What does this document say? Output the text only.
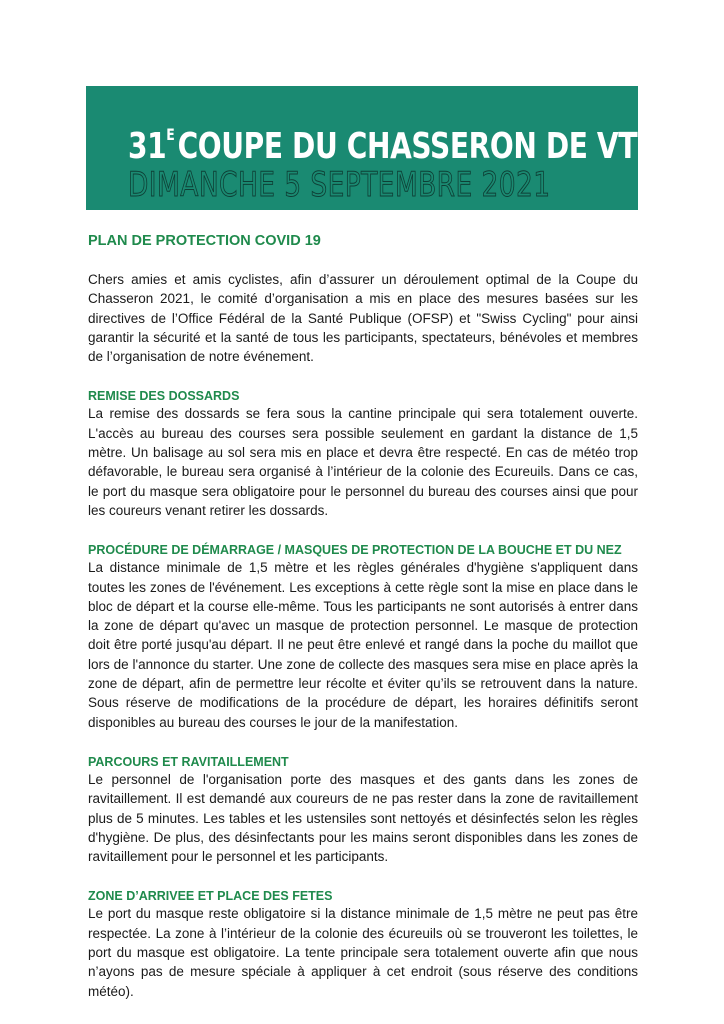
$31^ECOUPE$ DU CHASSERON DE VTT
DIMANCHE 5 SEPTEMBRE 2021
PLAN DE PROTECTION COVID 19

Chers amies et amis cyclistes, afin d’assurer un déroulement optimal de la Coupe du Chasseron 2021, le comité d’organisation a mis en place des mesures basées sur les directives de l’Office Fédéral de la Santé Publique (OFSP) et "Swiss Cycling" pour ainsi garantir la sécurité et la santé de tous les participants, spectateurs, bénévoles et membres de l’organisation de notre événement.

REMISE DES DOSSARDS

La remise des dossards se fera sous la cantine principale qui sera totalement ouverte. L'accès au bureau des courses sera possible seulement en gardant la distance de 1,5 mètre. Un balisage au sol sera mis en place et devra être respecté. En cas de météo trop défavorable, le bureau sera organisé à l’intérieur de la colonie des Ecureuils. Dans ce cas, le port du masque sera obligatoire pour le personnel du bureau des courses ainsi que pour les coureurs venant retirer les dossards.

PROCÉDURE DE DÉMARRAGE / MASQUES DE PROTECTION DE LA BOUCHE ET DU NEZ

La distance minimale de 1,5 mètre et les règles générales d'hygiène s'appliquent dans toutes les zones de l'événement. Les exceptions à cette règle sont la mise en place dans le bloc de départ et la course elle-même. Tous les participants ne sont autorisés à entrer dans la zone de départ qu'avec un masque de protection personnel. Le masque de protection doit être porté jusqu'au départ. Il ne peut être enlevé et rangé dans la poche du maillot que lors de l'annonce du starter. Une zone de collecte des masques sera mise en place après la zone de départ, afin de permettre leur récolte et éviter qu’ils se retrouvent dans la nature. Sous réserve de modifications de la procédure de départ, les horaires définitifs seront disponibles au bureau des courses le jour de la manifestation.

PARCOURS ET RAVITAILLEMENT

Le personnel de l'organisation porte des masques et des gants dans les zones de ravitaillement. Il est demandé aux coureurs de ne pas rester dans la zone de ravitaillement plus de 5 minutes. Les tables et les ustensiles sont nettoyés et désinfectés selon les règles d'hygiène. De plus, des désinfectants pour les mains seront disponibles dans les zones de ravitaillement pour le personnel et les participants.

ZONE D’ARRIVEE ET PLACE DES FETES

Le port du masque reste obligatoire si la distance minimale de 1,5 mètre ne peut pas être respectée. La zone à l’intérieur de la colonie des écureuils où se trouveront les toilettes, le port du masque est obligatoire. La tente principale sera totalement ouverte afin que nous n’ayons pas de mesure spéciale à appliquer à cet endroit (sous réserve des conditions météo).
